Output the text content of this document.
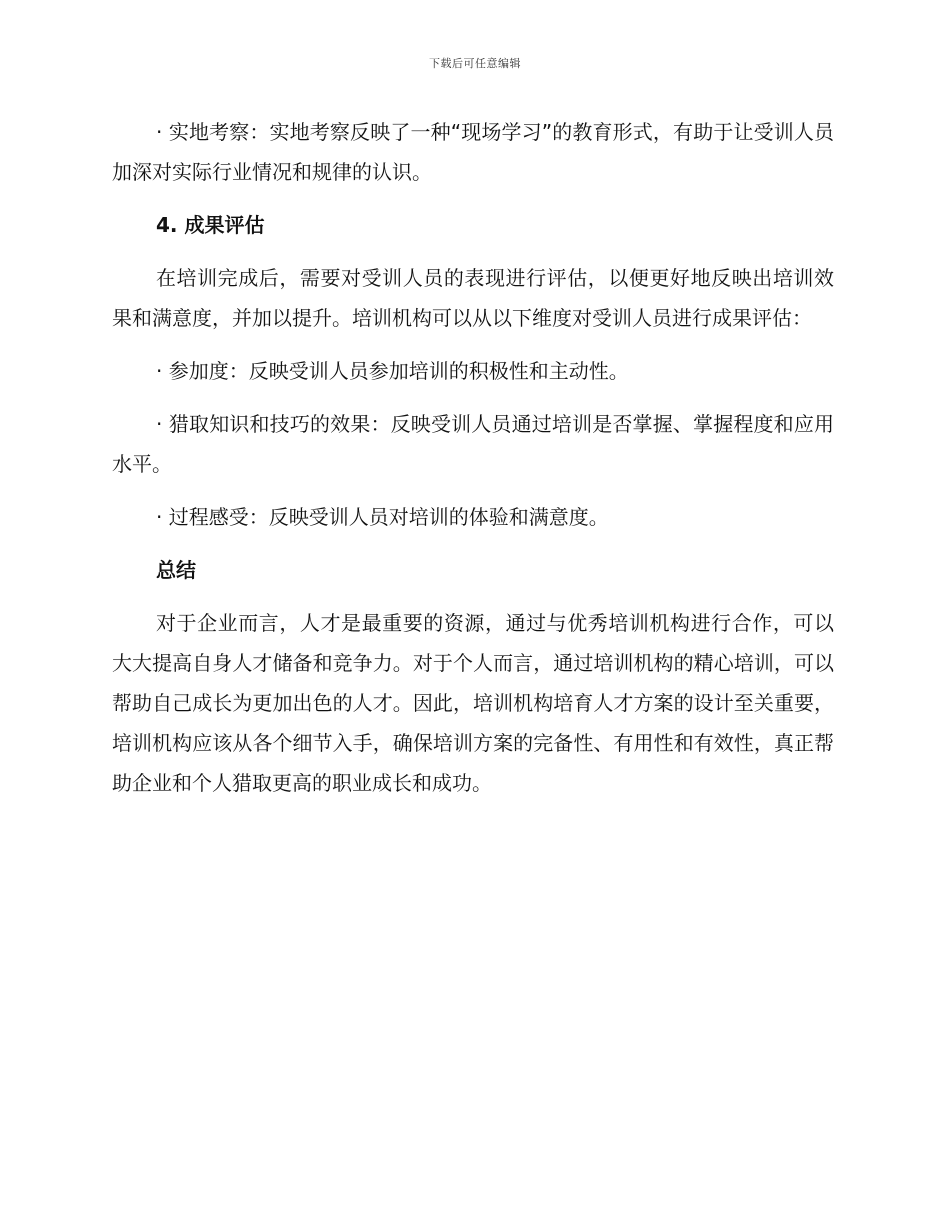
下载后可任意编辑

· 实地考察：实地考察反映了一种“现场学习”的教育形式，有助于让受训人员加深对实际行业情况和规律的认识。

4. 成果评估

在培训完成后，需要对受训人员的表现进行评估，以便更好地反映出培训效果和满意度，并加以提升。培训机构可以从以下维度对受训人员进行成果评估：

· 参加度：反映受训人员参加培训的积极性和主动性。

· 猎取知识和技巧的效果：反映受训人员通过培训是否掌握、掌握程度和应用水平。

· 过程感受：反映受训人员对培训的体验和满意度。

总结

对于企业而言，人才是最重要的资源，通过与优秀培训机构进行合作，可以大大提高自身人才储备和竞争力。对于个人而言，通过培训机构的精心培训，可以帮助自己成长为更加出色的人才。因此，培训机构培育人才方案的设计至关重要，培训机构应该从各个细节入手，确保培训方案的完备性、有用性和有效性，真正帮助企业和个人猎取更高的职业成长和成功。
